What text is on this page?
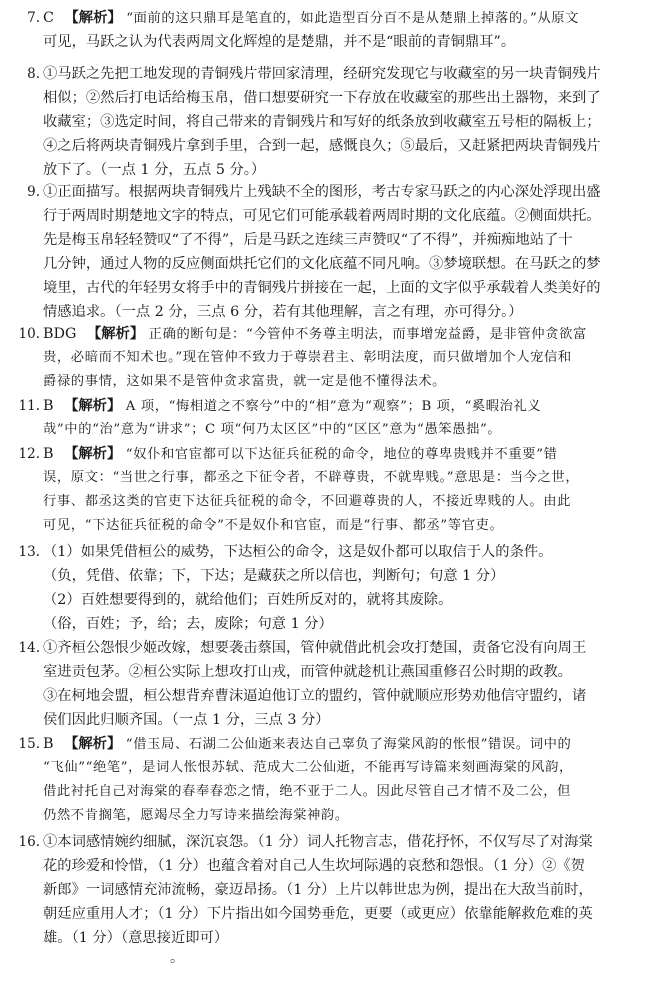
7. C 【解析】 “面前的这只鼎耳是笔直的，如此造型百分百不是从楚鼎上掉落的。”从原文
可见，马跃之认为代表两周文化辉煌的是楚鼎，并不是“眼前的青铜鼎耳”。
8. ①马跃之先把工地发现的青铜残片带回家清理，经研究发现它与收藏室的另一块青铜残片
相似；②然后打电话给梅玉帛，借口想要研究一下存放在收藏室的那些出土器物，来到了
收藏室；③选定时间，将自己带来的青铜残片和写好的纸条放到收藏室五号柜的隔板上；
④之后将两块青铜残片拿到手里，合到一起，感慨良久；⑤最后，又赶紧把两块青铜残片
放下了。（一点 1 分，五点 5 分。）
9. ①正面描写。根据两块青铜残片上残缺不全的图形，考古专家马跃之的内心深处浮现出盛
行于两周时期楚地文字的特点，可见它们可能承载着两周时期的文化底蕴。②侧面烘托。
先是梅玉帛轻轻赞叹“了不得”，后是马跃之连续三声赞叹“了不得”，并痴痴地站了十
几分钟，通过人物的反应侧面烘托它们的文化底蕴不同凡响。③梦境联想。在马跃之的梦
境里，古代的年轻男女将手中的青铜残片拼接在一起，上面的文字似乎承载着人类美好的
情感追求。（一点 2 分，三点 6 分，若有其他理解，言之有理，亦可得分。）
10. BDG 【解析】 正确的断句是：“今管仲不务尊主明法，而事增宠益爵，是非管仲贪欲富
贵，必暗而不知术也。”现在管仲不致力于尊崇君主、彰明法度，而只做增加个人宠信和
爵禄的事情，这如果不是管仲贪求富贵，就一定是他不懂得法术。
11. B 【解析】 A 项，“悔相道之不察兮”中的“相”意为“观察”；B 项，“奚暇治礼义
哉”中的“治”意为“讲求”；C 项“何乃太区区”中的“区区”意为“愚笨愚拙”。
12. B 【解析】 “奴仆和官宦都可以下达征兵征税的命令，地位的尊卑贵贱并不重要”错
误，原文：“当世之行事，都丞之下征令者，不辟尊贵，不就卑贱。”意思是：当今之世，
行事、都丞这类的官吏下达征兵征税的命令，不回避尊贵的人，不接近卑贱的人。由此
可见，“下达征兵征税的命令”不是奴仆和官宦，而是“行事、都丞”等官吏。
13. （1）如果凭借桓公的威势，下达桓公的命令，这是奴仆都可以取信于人的条件。
（负，凭借、依靠；下，下达；是藏获之所以信也，判断句；句意 1 分）
（2）百姓想要得到的，就给他们；百姓所反对的，就将其废除。
（俗，百姓；予，给；去，废除；句意 1 分）
14. ①齐桓公怨恨少姬改嫁，想要袭击蔡国，管仲就借此机会攻打楚国，责备它没有向周王
室进贡包茅。②桓公实际上想攻打山戎，而管仲就趁机让燕国重修召公时期的政教。
③在柯地会盟，桓公想背弃曹沫逼迫他订立的盟约，管仲就顺应形势劝他信守盟约，诸
侯们因此归顺齐国。（一点 1 分，三点 3 分）
15. B 【解析】 “借玉局、石湖二公仙逝来表达自己辜负了海棠风韵的怅恨”错误。词中的
“飞仙”“绝笔”，是词人怅恨苏轼、范成大二公仙逝，不能再写诗篇来刻画海棠的风韵，
借此衬托自己对海棠的春奉春恋之情，绝不亚于二人。因此尽管自己才情不及二公，但
仍然不肯搁笔，愿竭尽全力写诗来描绘海棠神韵。
16. ①本词感情婉约细腻，深沉哀怨。（1 分）词人托物言志，借花抒怀，不仅写尽了对海棠
花的珍爱和怜惜，（1 分）也蕴含着对自己人生坎坷际遇的哀愁和怨恨。（1 分）②《贺
新郎》一词感情充沛流畅，豪迈昂扬。（1 分）上片以韩世忠为例，提出在大敌当前时，
朝廷应重用人才；（1 分）下片指出如今国势垂危，更要（或更应）依靠能解救危难的英
雄。（1 分）（意思接近即可）
。
